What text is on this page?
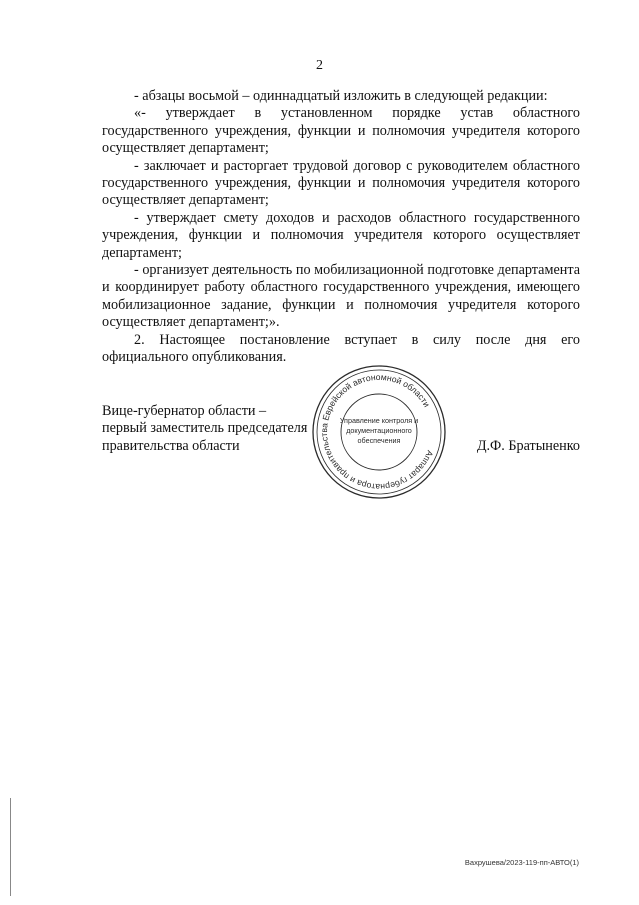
2

- абзацы восьмой – одиннадцатый изложить в следующей редакции:

«- утверждает в установленном порядке устав областного государственного учреждения, функции и полномочия учредителя которого осуществляет департамент;

- заключает и расторгает трудовой договор с руководителем областного государственного учреждения, функции и полномочия учредителя которого осуществляет департамент;

- утверждает смету доходов и расходов областного государственного учреждения, функции и полномочия учредителя которого осуществляет департамент;

- организует деятельность по мобилизационной подготовке департамента и координирует работу областного государственного учреждения, имеющего мобилизационное задание, функции и полномочия учредителя которого осуществляет департамент;».

2. Настоящее постановление вступает в силу после дня его официального опубликования.

Вице-губернатор области –
первый заместитель председателя
правительства области	Д.Ф. Братыненко
Аппарат губернатора и правительства Еврейской автономной области
Управление контроля и
документационного
обеспечения
Вахрушева/2023-119-пп-АВТО(1)
